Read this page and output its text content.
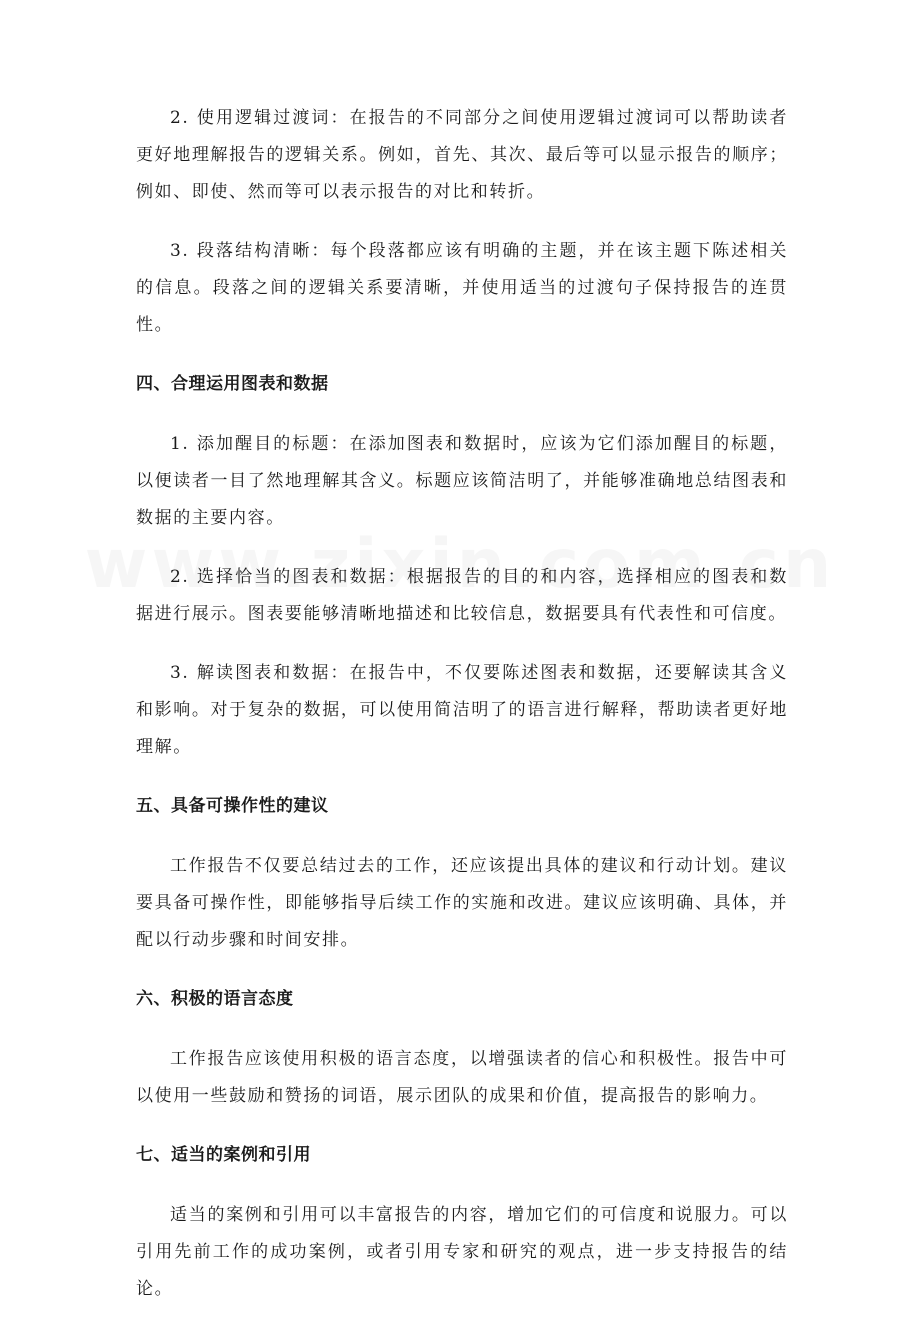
2. 使用逻辑过渡词：在报告的不同部分之间使用逻辑过渡词可以帮助读者更好地理解报告的逻辑关系。例如，首先、其次、最后等可以显示报告的顺序；例如、即使、然而等可以表示报告的对比和转折。

3. 段落结构清晰：每个段落都应该有明确的主题，并在该主题下陈述相关的信息。段落之间的逻辑关系要清晰，并使用适当的过渡句子保持报告的连贯性。

四、合理运用图表和数据

1. 添加醒目的标题：在添加图表和数据时，应该为它们添加醒目的标题，以便读者一目了然地理解其含义。标题应该简洁明了，并能够准确地总结图表和数据的主要内容。

2. 选择恰当的图表和数据：根据报告的目的和内容，选择相应的图表和数据进行展示。图表要能够清晰地描述和比较信息，数据要具有代表性和可信度。

3. 解读图表和数据：在报告中，不仅要陈述图表和数据，还要解读其含义和影响。对于复杂的数据，可以使用简洁明了的语言进行解释，帮助读者更好地理解。

五、具备可操作性的建议

工作报告不仅要总结过去的工作，还应该提出具体的建议和行动计划。建议要具备可操作性，即能够指导后续工作的实施和改进。建议应该明确、具体，并配以行动步骤和时间安排。

六、积极的语言态度

工作报告应该使用积极的语言态度，以增强读者的信心和积极性。报告中可以使用一些鼓励和赞扬的词语，展示团队的成果和价值，提高报告的影响力。

七、适当的案例和引用

适当的案例和引用可以丰富报告的内容，增加它们的可信度和说服力。可以引用先前工作的成功案例，或者引用专家和研究的观点，进一步支持报告的结论。
